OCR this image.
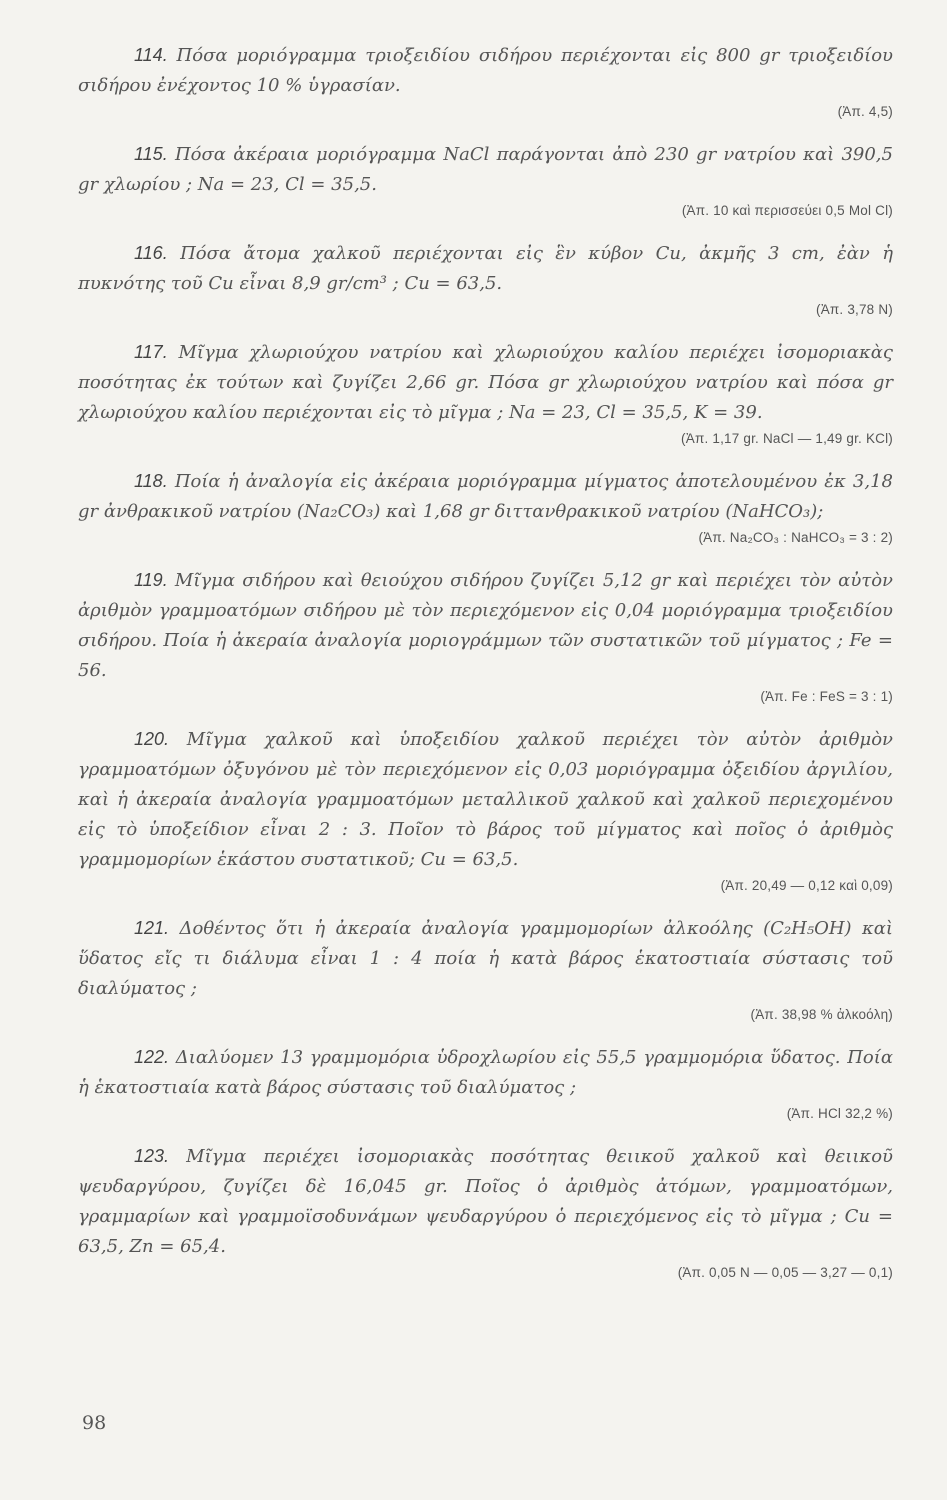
114. Πόσα μοριόγραμμα τριοξειδίου σιδήρου περιέχονται εἰς 800 gr τριοξειδίου σιδήρου ἐνέχοντος 10 % ὑγρασίαν.
(Ἀπ. 4,5)
115. Πόσα ἀκέραια μοριόγραμμα NaCl παράγονται ἀπὸ 230 gr νατρίου καὶ 390,5 gr χλωρίου ; Na = 23, Cl = 35,5.
(Ἀπ. 10 καὶ περισσεύει 0,5 Mol Cl)
116. Πόσα ἄτομα χαλκοῦ περιέχονται εἰς ἓν κύβον Cu, ἀκμῆς 3 cm, ἐὰν ἡ πυκνότης τοῦ Cu εἶναι 8,9 gr/cm³ ; Cu = 63,5.
(Ἀπ. 3,78 N)
117. Μῖγμα χλωριούχου νατρίου καὶ χλωριούχου καλίου περιέχει ἰσομοριακὰς ποσότητας ἐκ τούτων καὶ ζυγίζει 2,66 gr. Πόσα gr χλωριούχου νατρίου καὶ πόσα gr χλωριούχου καλίου περιέχονται εἰς τὸ μῖγμα ; Na = 23, Cl = 35,5, K = 39.
(Ἀπ. 1,17 gr. NaCl — 1,49 gr. KCl)
118. Ποία ἡ ἀναλογία εἰς ἀκέραια μοριόγραμμα μίγματος ἀποτελουμένου ἐκ 3,18 gr ἀνθρακικοῦ νατρίου (Na₂CO₃) καὶ 1,68 gr διττανθρακικοῦ νατρίου (NaHCO₃);
(Ἀπ. Na₂CO₃ : NaHCO₃ = 3 : 2)
119. Μῖγμα σιδήρου καὶ θειούχου σιδήρου ζυγίζει 5,12 gr καὶ περιέχει τὸν αὐτὸν ἀριθμὸν γραμμοατόμων σιδήρου μὲ τὸν περιεχόμενον εἰς 0,04 μοριόγραμμα τριοξειδίου σιδήρου. Ποία ἡ ἀκεραία ἀναλογία μοριογράμμων τῶν συστατικῶν τοῦ μίγματος ; Fe = 56.
(Ἀπ. Fe : FeS = 3 : 1)
120. Μῖγμα χαλκοῦ καὶ ὑποξειδίου χαλκοῦ περιέχει τὸν αὐτὸν ἀριθμὸν γραμμοατόμων ὀξυγόνου μὲ τὸν περιεχόμενον εἰς 0,03 μοριόγραμμα ὀξειδίου ἀργιλίου, καὶ ἡ ἀκεραία ἀναλογία γραμμοατόμων μεταλλικοῦ χαλκοῦ καὶ χαλκοῦ περιεχομένου εἰς τὸ ὑποξείδιον εἶναι 2 : 3. Ποῖον τὸ βάρος τοῦ μίγματος καὶ ποῖος ὁ ἀριθμὸς γραμμομορίων ἑκάστου συστατικοῦ; Cu = 63,5.
(Ἀπ. 20,49 — 0,12 καὶ 0,09)
121. Δοθέντος ὅτι ἡ ἀκεραία ἀναλογία γραμμομορίων ἀλκοόλης (C₂H₅OH) καὶ ὕδατος εἴς τι διάλυμα εἶναι 1 : 4 ποία ἡ κατὰ βάρος ἑκατοστιαία σύστασις τοῦ διαλύματος ;
(Ἀπ. 38,98 % ἀλκοόλη)
122. Διαλύομεν 13 γραμμομόρια ὑδροχλωρίου εἰς 55,5 γραμμομόρια ὕδατος. Ποία ἡ ἑκατοστιαία κατὰ βάρος σύστασις τοῦ διαλύματος ;
(Ἀπ. HCl 32,2 %)
123. Μῖγμα περιέχει ἰσομοριακὰς ποσότητας θειικοῦ χαλκοῦ καὶ θειικοῦ ψευδαργύρου, ζυγίζει δὲ 16,045 gr. Ποῖος ὁ ἀριθμὸς ἀτόμων, γραμμοατόμων, γραμμαρίων καὶ γραμμοϊσοδυνάμων ψευδαργύρου ὁ περιεχόμενος εἰς τὸ μῖγμα ; Cu = 63,5, Zn = 65,4.
(Ἀπ. 0,05 N — 0,05 — 3,27 — 0,1)
98
